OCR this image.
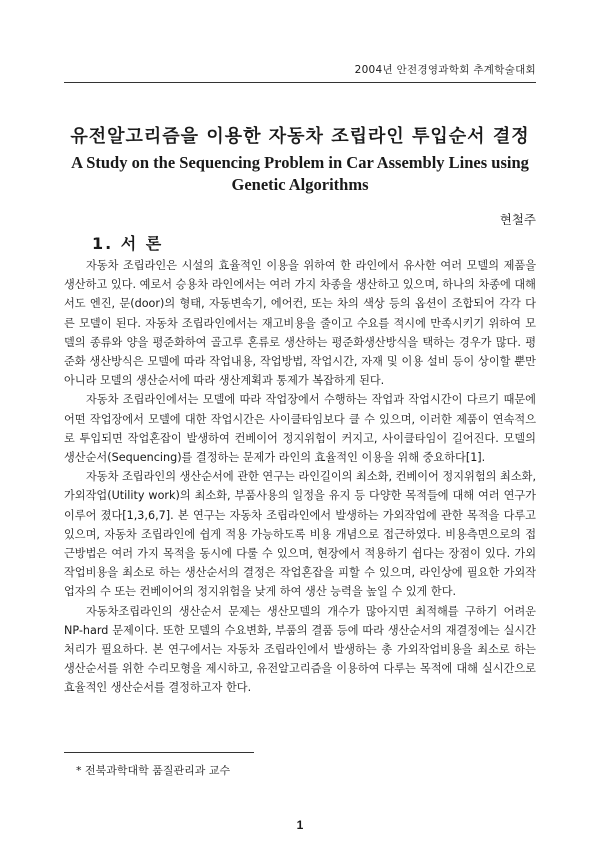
2004년 안전경영과학회 추계학술대회
유전알고리즘을 이용한 자동차 조립라인 투입순서 결정
A Study on the Sequencing Problem in Car Assembly Lines using Genetic Algorithms
현철주
1. 서 론

자동차 조립라인은 시설의 효율적인 이용을 위하여 한 라인에서 유사한 여러 모델의 제품을 생산하고 있다. 예로서 승용차 라인에서는 여러 가지 차종을 생산하고 있으며, 하나의 차종에 대해서도 엔진, 문(door)의 형태, 자동변속기, 에어컨, 또는 차의 색상 등의 옵션이 조합되어 각각 다른 모델이 된다. 자동차 조립라인에서는 재고비용을 줄이고 수요를 적시에 만족시키기 위하여 모델의 종류와 양을 평준화하여 골고루 혼류로 생산하는 평준화생산방식을 택하는 경우가 많다. 평준화 생산방식은 모델에 따라 작업내용, 작업방법, 작업시간, 자재 및 이용 설비 등이 상이할 뿐만 아니라 모델의 생산순서에 따라 생산계획과 통제가 복잡하게 된다.

자동차 조립라인에서는 모델에 따라 작업장에서 수행하는 작업과 작업시간이 다르기 때문에 어떤 작업장에서 모델에 대한 작업시간은 사이클타임보다 클 수 있으며, 이러한 제품이 연속적으로 투입되면 작업혼잡이 발생하여 컨베이어 정지위험이 커지고, 사이클타임이 길어진다. 모델의 생산순서(Sequencing)를 결정하는 문제가 라인의 효율적인 이용을 위해 중요하다[1].

자동차 조립라인의 생산순서에 관한 연구는 라인길이의 최소화, 컨베이어 정지위험의 최소화, 가외작업(Utility work)의 최소화, 부품사용의 일정을 유지 등 다양한 목적들에 대해 여러 연구가 이루어 졌다[1,3,6,7]. 본 연구는 자동차 조립라인에서 발생하는 가외작업에 관한 목적을 다루고 있으며, 자동차 조립라인에 쉽게 적용 가능하도록 비용 개념으로 접근하였다. 비용측면으로의 접근방법은 여러 가지 목적을 동시에 다룰 수 있으며, 현장에서 적용하기 쉽다는 장점이 있다. 가외작업비용을 최소로 하는 생산순서의 결정은 작업혼잡을 피할 수 있으며, 라인상에 필요한 가외작업자의 수 또는 컨베이어의 정지위험을 낮게 하여 생산 능력을 높일 수 있게 한다.

자동차조립라인의 생산순서 문제는 생산모델의 개수가 많아지면 최적해를 구하기 어려운 NP-hard 문제이다. 또한 모델의 수요변화, 부품의 결품 등에 따라 생산순서의 재결정에는 실시간 처리가 필요하다. 본 연구에서는 자동차 조립라인에서 발생하는 총 가외작업비용을 최소로 하는 생산순서를 위한 수리모형을 제시하고, 유전알고리즘을 이용하여 다루는 목적에 대해 실시간으로 효율적인 생산순서를 결정하고자 한다.

* 전북과학대학 품질관리과 교수
1
